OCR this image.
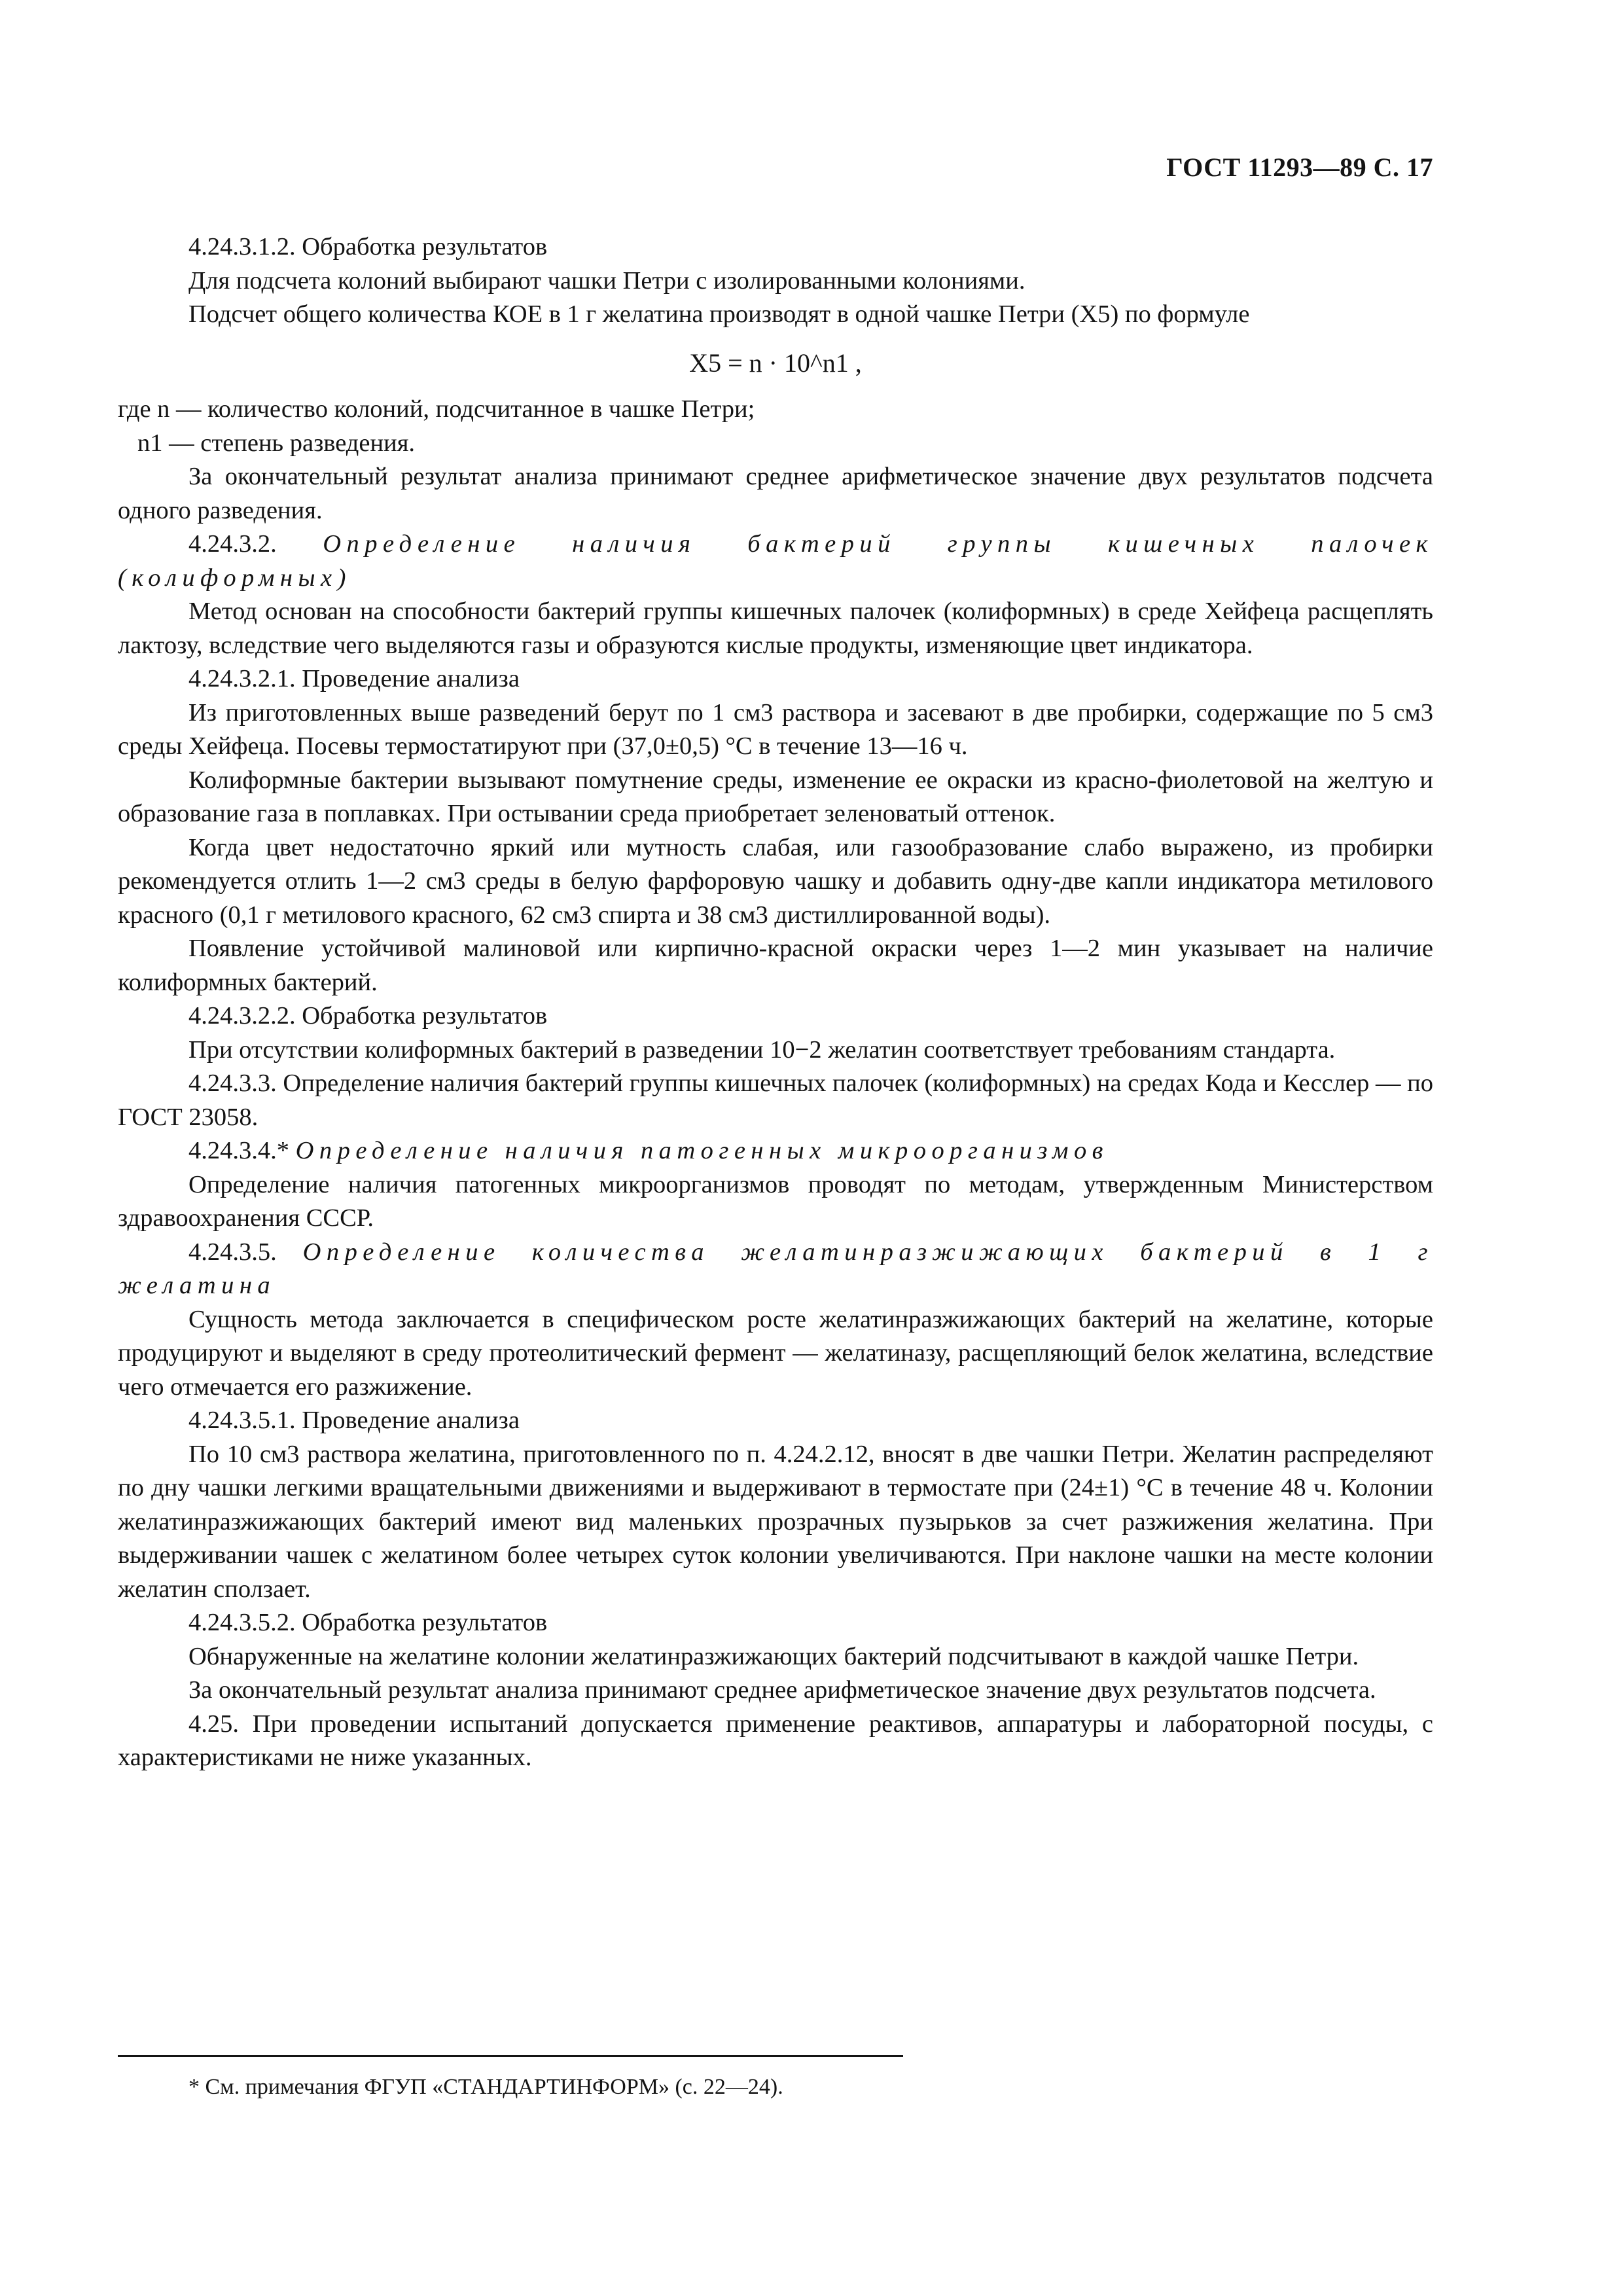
ГОСТ 11293—89 С. 17

4.24.3.1.2. Обработка результатов

Для подсчета колоний выбирают чашки Петри с изолированными колониями.

Подсчет общего количества КОЕ в 1 г желатина производят в одной чашке Петри (X5) по формуле

X5 = n · 10^n1 ,

где n — количество колоний, подсчитанное в чашке Петри;

n1 — степень разведения.

За окончательный результат анализа принимают среднее арифметическое значение двух результатов подсчета одного разведения.

4.24.3.2. Определение наличия бактерий группы кишечных палочек (колиформных)

Метод основан на способности бактерий группы кишечных палочек (колиформных) в среде Хейфеца расщеплять лактозу, вследствие чего выделяются газы и образуются кислые продукты, изменяющие цвет индикатора.

4.24.3.2.1. Проведение анализа

Из приготовленных выше разведений берут по 1 см3 раствора и засевают в две пробирки, содержащие по 5 см3 среды Хейфеца. Посевы термостатируют при (37,0±0,5) °С в течение 13—16 ч.

Колиформные бактерии вызывают помутнение среды, изменение ее окраски из красно-фиолетовой на желтую и образование газа в поплавках. При остывании среда приобретает зеленоватый оттенок.

Когда цвет недостаточно яркий или мутность слабая, или газообразование слабо выражено, из пробирки рекомендуется отлить 1—2 см3 среды в белую фарфоровую чашку и добавить одну-две капли индикатора метилового красного (0,1 г метилового красного, 62 см3 спирта и 38 см3 дистиллированной воды).

Появление устойчивой малиновой или кирпично-красной окраски через 1—2 мин указывает на наличие колиформных бактерий.

4.24.3.2.2. Обработка результатов

При отсутствии колиформных бактерий в разведении 10−2 желатин соответствует требованиям стандарта.

4.24.3.3. Определение наличия бактерий группы кишечных палочек (колиформных) на средах Кода и Кесслер — по ГОСТ 23058.

4.24.3.4.* Определение наличия патогенных микроорганизмов

Определение наличия патогенных микроорганизмов проводят по методам, утвержденным Министерством здравоохранения СССР.

4.24.3.5. Определение количества желатинразжижающих бактерий в 1 г желатина

Сущность метода заключается в специфическом росте желатинразжижающих бактерий на желатине, которые продуцируют и выделяют в среду протеолитический фермент — желатиназу, расщепляющий белок желатина, вследствие чего отмечается его разжижение.

4.24.3.5.1. Проведение анализа

По 10 см3 раствора желатина, приготовленного по п. 4.24.2.12, вносят в две чашки Петри. Желатин распределяют по дну чашки легкими вращательными движениями и выдерживают в термостате при (24±1) °С в течение 48 ч. Колонии желатинразжижающих бактерий имеют вид маленьких прозрачных пузырьков за счет разжижения желатина. При выдерживании чашек с желатином более четырех суток колонии увеличиваются. При наклоне чашки на месте колонии желатин сползает.

4.24.3.5.2. Обработка результатов

Обнаруженные на желатине колонии желатинразжижающих бактерий подсчитывают в каждой чашке Петри.

За окончательный результат анализа принимают среднее арифметическое значение двух результатов подсчета.

4.25. При проведении испытаний допускается применение реактивов, аппаратуры и лабораторной посуды, с характеристиками не ниже указанных.

* См. примечания ФГУП «СТАНДАРТИНФОРМ» (с. 22—24).
